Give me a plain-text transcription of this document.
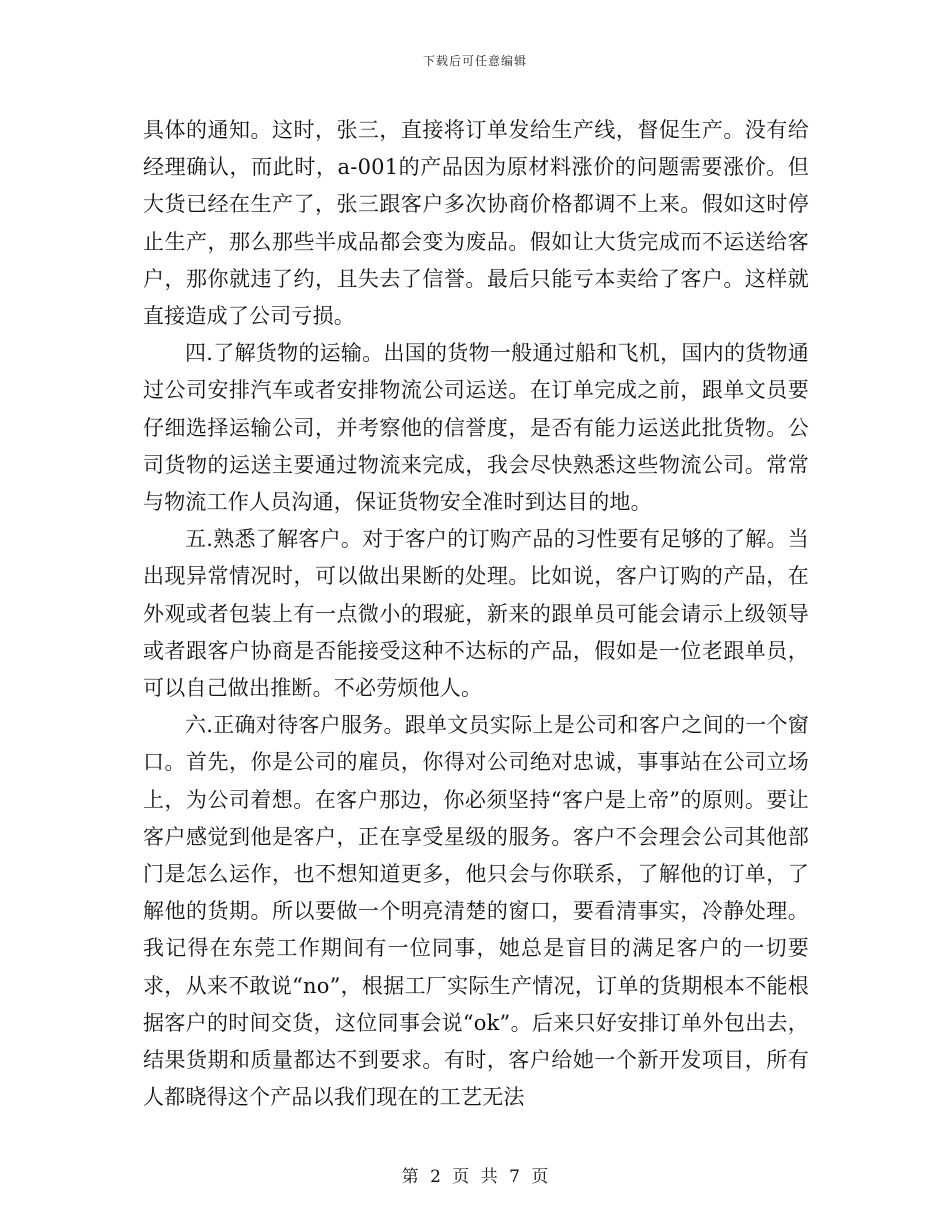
下载后可任意编辑

具体的通知。这时，张三，直接将订单发给生产线，督促生产。没有给经理确认，而此时，a-001的产品因为原材料涨价的问题需要涨价。但大货已经在生产了，张三跟客户多次协商价格都调不上来。假如这时停止生产，那么那些半成品都会变为废品。假如让大货完成而不运送给客户，那你就违了约，且失去了信誉。最后只能亏本卖给了客户。这样就直接造成了公司亏损。

四.了解货物的运输。出国的货物一般通过船和飞机，国内的货物通过公司安排汽车或者安排物流公司运送。在订单完成之前，跟单文员要仔细选择运输公司，并考察他的信誉度，是否有能力运送此批货物。公司货物的运送主要通过物流来完成，我会尽快熟悉这些物流公司。常常与物流工作人员沟通，保证货物安全准时到达目的地。

五.熟悉了解客户。对于客户的订购产品的习性要有足够的了解。当出现异常情况时，可以做出果断的处理。比如说，客户订购的产品，在外观或者包装上有一点微小的瑕疵，新来的跟单员可能会请示上级领导或者跟客户协商是否能接受这种不达标的产品，假如是一位老跟单员，可以自己做出推断。不必劳烦他人。

六.正确对待客户服务。跟单文员实际上是公司和客户之间的一个窗口。首先，你是公司的雇员，你得对公司绝对忠诚，事事站在公司立场上，为公司着想。在客户那边，你必须坚持“客户是上帝”的原则。要让客户感觉到他是客户，正在享受星级的服务。客户不会理会公司其他部门是怎么运作，也不想知道更多，他只会与你联系，了解他的订单，了解他的货期。所以要做一个明亮清楚的窗口，要看清事实，冷静处理。我记得在东莞工作期间有一位同事，她总是盲目的满足客户的一切要求，从来不敢说“no”，根据工厂实际生产情况，订单的货期根本不能根据客户的时间交货，这位同事会说“ok”。后来只好安排订单外包出去，结果货期和质量都达不到要求。有时，客户给她一个新开发项目，所有人都晓得这个产品以我们现在的工艺无法

第 2 页 共 7 页
